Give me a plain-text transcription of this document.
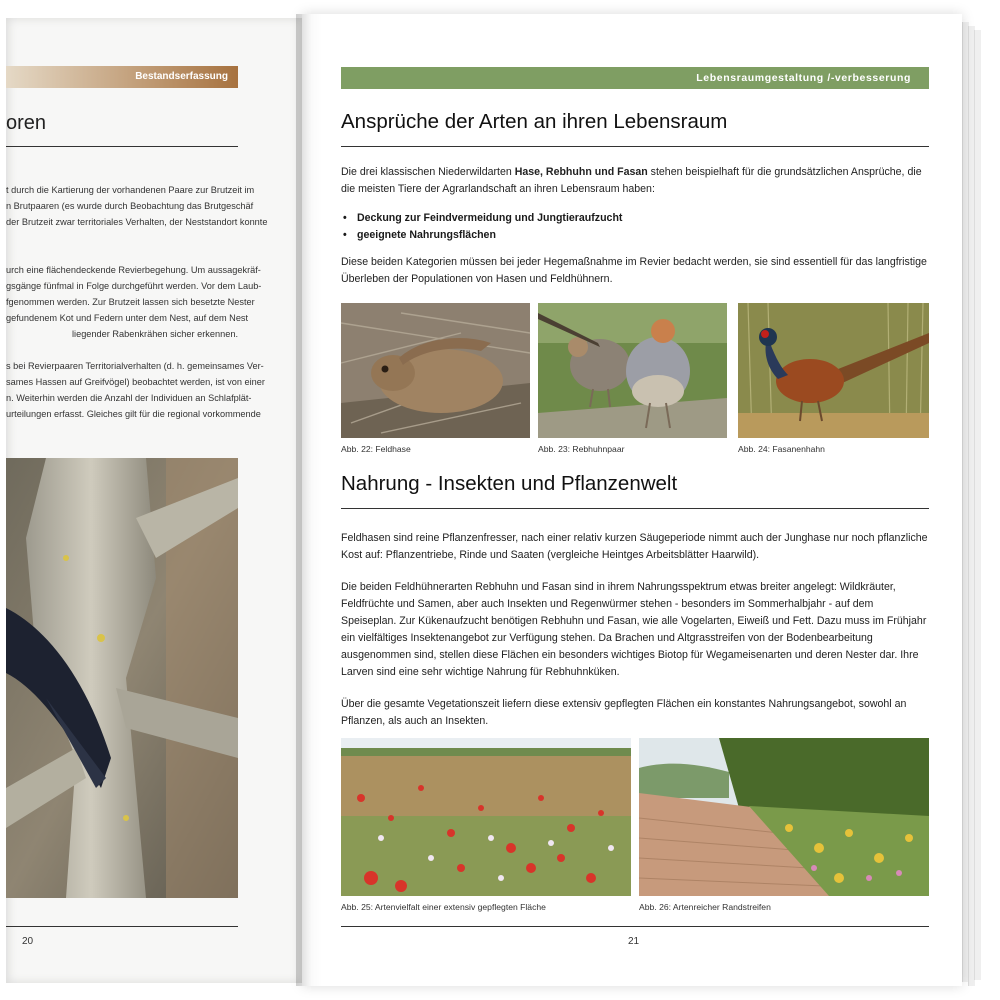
Bestandserfassung
oren
t durch die Kartierung der vorhandenen Paare zur Brutzeit im
n Brutpaaren (es wurde durch Beobachtung das Brutgeschäf
der Brutzeit zwar territoriales Verhalten, der Neststandort konnte
urch eine flächendeckende Revierbegehung. Um aussagekräf-
gsgänge fünfmal in Folge durchgeführt werden. Vor dem Laub-
fgenommen werden. Zur Brutzeit lassen sich besetzte Nester
gefundenem Kot und Federn unter dem Nest, auf dem Nest
liegender Rabenkrähen sicher erkennen.
s bei Revierpaaren Territorialverhalten (d. h. gemeinsames Ver-
sames Hassen auf Greifvögel) beobachtet werden, ist von einer
n. Weiterhin werden die Anzahl der Individuen an Schlafplät-
urteilungen erfasst. Gleiches gilt für die regional vorkommende
20
Lebensraumgestaltung /-verbesserung
Ansprüche der Arten an ihren Lebensraum
Die drei klassischen Niederwildarten Hase, Rebhuhn und Fasan stehen beispielhaft für die grundsätzlichen Ansprüche, die die meisten Tiere der Agrarlandschaft an ihren Lebensraum haben:
• Deckung zur Feindvermeidung und Jungtieraufzucht
• geeignete Nahrungsflächen
Diese beiden Kategorien müssen bei jeder Hegemaßnahme im Revier bedacht werden, sie sind essentiell für das langfristige Überleben der Populationen von Hasen und Feldhühnern.
Abb. 22: Feldhase	Abb. 23: Rebhuhnpaar	Abb. 24: Fasanenhahn
Nahrung - Insekten und Pflanzenwelt
Feldhasen sind reine Pflanzenfresser, nach einer relativ kurzen Säugeperiode nimmt auch der Junghase nur noch pflanzliche Kost auf: Pflanzentriebe, Rinde und Saaten (vergleiche Heintges Arbeitsblätter Haarwild).
Die beiden Feldhühnerarten Rebhuhn und Fasan sind in ihrem Nahrungsspektrum etwas breiter angelegt: Wildkräuter, Feldfrüchte und Samen, aber auch Insekten und Regenwürmer stehen - besonders im Sommerhalbjahr - auf dem Speiseplan. Zur Kükenaufzucht benötigen Rebhuhn und Fasan, wie alle Vogelarten, Eiweiß und Fett. Dazu muss im Frühjahr ein vielfältiges Insektenangebot zur Verfügung stehen. Da Brachen und Altgrasstreifen von der Bodenbearbeitung ausgenommen sind, stellen diese Flächen ein besonders wichtiges Biotop für Wegameisenarten und deren Nester dar. Ihre Larven sind eine sehr wichtige Nahrung für Rebhuhnküken.
Über die gesamte Vegetationszeit liefern diese extensiv gepflegten Flächen ein konstantes Nahrungsangebot, sowohl an Pflanzen, als auch an Insekten.
Abb. 25: Artenvielfalt einer extensiv gepflegten Fläche	Abb. 26: Artenreicher Randstreifen
21
